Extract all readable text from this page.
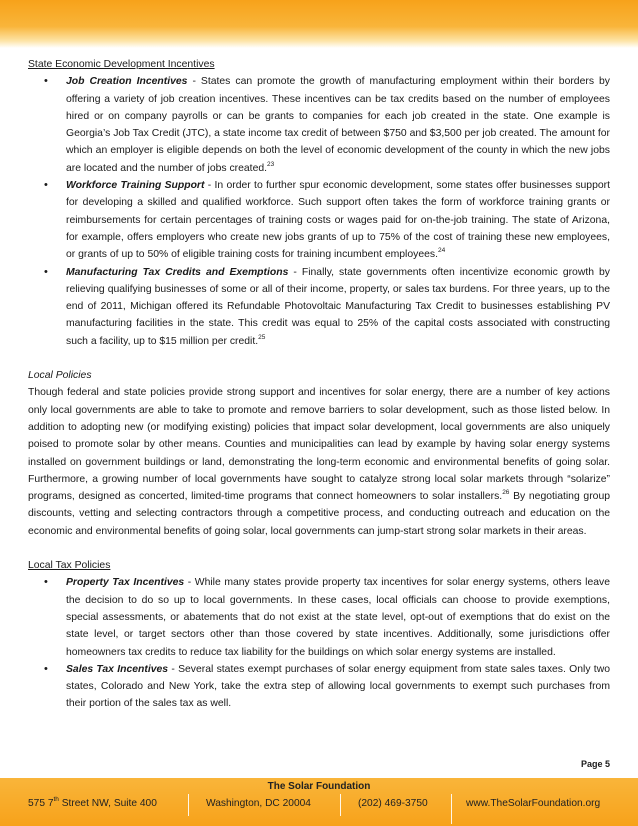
State Economic Development Incentives
• Job Creation Incentives - States can promote the growth of manufacturing employment within their borders by offering a variety of job creation incentives. These incentives can be tax credits based on the number of employees hired or on company payrolls or can be grants to companies for each job created in the state. One example is Georgia’s Job Tax Credit (JTC), a state income tax credit of between $750 and $3,500 per job created. The amount for which an employer is eligible depends on both the level of economic development of the county in which the new jobs are located and the number of jobs created.$^{23}$
• Workforce Training Support - In order to further spur economic development, some states offer businesses support for developing a skilled and qualified workforce. Such support often takes the form of workforce training grants or reimbursements for certain percentages of training costs or wages paid for on-the-job training. The state of Arizona, for example, offers employers who create new jobs grants of up to 75% of the cost of training these new employees, or grants of up to 50% of eligible training costs for training incumbent employees.$^{24}$
• Manufacturing Tax Credits and Exemptions - Finally, state governments often incentivize economic growth by relieving qualifying businesses of some or all of their income, property, or sales tax burdens. For three years, up to the end of 2011, Michigan offered its Refundable Photovoltaic Manufacturing Tax Credit to businesses establishing PV manufacturing facilities in the state. This credit was equal to 25% of the capital costs associated with constructing such a facility, up to $15 million per credit.$^{25}$
Local Policies

Though federal and state policies provide strong support and incentives for solar energy, there are a number of key actions only local governments are able to take to promote and remove barriers to solar development, such as those listed below. In addition to adopting new (or modifying existing) policies that impact solar development, local governments are also uniquely poised to promote solar by other means. Counties and municipalities can lead by example by having solar energy systems installed on government buildings or land, demonstrating the long-term economic and environmental benefits of going solar. Furthermore, a growing number of local governments have sought to catalyze strong local solar markets through “solarize” programs, designed as concerted, limited-time programs that connect homeowners to solar installers.$^{26}$ By negotiating group discounts, vetting and selecting contractors through a competitive process, and conducting outreach and education on the economic and environmental benefits of going solar, local governments can jump-start strong solar markets in their areas.

Local Tax Policies
• Property Tax Incentives - While many states provide property tax incentives for solar energy systems, others leave the decision to do so up to local governments. In these cases, local officials can choose to provide exemptions, special assessments, or abatements that do not exist at the state level, opt-out of exemptions that do exist on the state level, or target sectors other than those covered by state incentives. Additionally, some jurisdictions offer homeowners tax credits to reduce tax liability for the buildings on which solar energy systems are installed.
• Sales Tax Incentives - Several states exempt purchases of solar energy equipment from state sales taxes. Only two states, Colorado and New York, take the extra step of allowing local governments to exempt such purchases from their portion of the sales tax as well.
Page 5
The Solar Foundation
575 7th Street NW, Suite 400	Washington, DC 20004	(202) 469-3750	www.TheSolarFoundation.org
